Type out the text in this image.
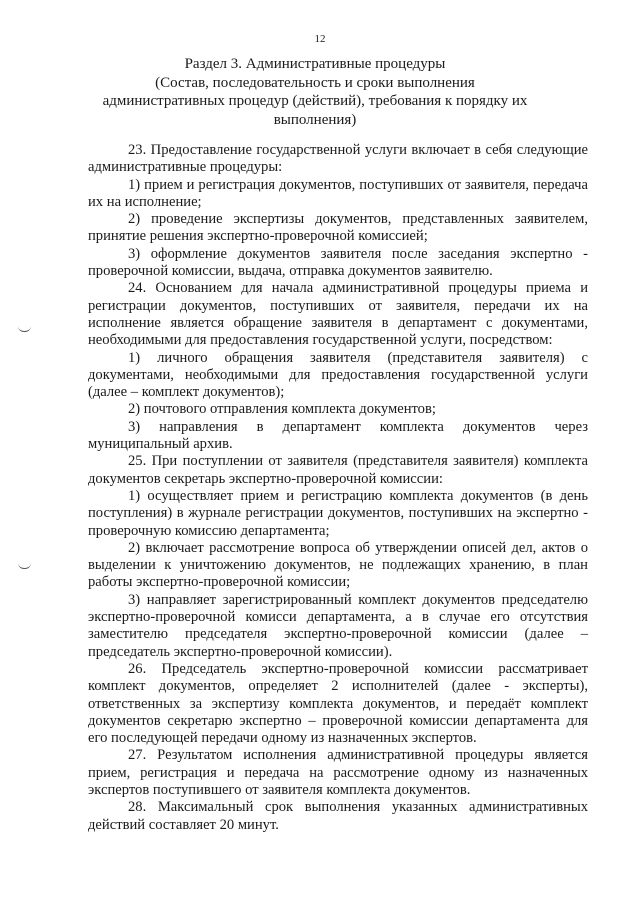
12
Раздел 3. Административные процедуры
(Состав, последовательность и сроки выполнения
административных процедур (действий), требования к порядку их
выполнения)

23. Предоставление государственной услуги включает в себя следующие административные процедуры:

1) прием и регистрация документов, поступивших от заявителя, передача их на исполнение;

2) проведение экспертизы документов, представленных заявителем, принятие решения экспертно-проверочной комиссией;

3) оформление документов заявителя после заседания экспертно - проверочной комиссии, выдача, отправка документов заявителю.

24. Основанием для начала административной процедуры приема и регистрации документов, поступивших от заявителя, передачи их на исполнение является обращение заявителя в департамент с документами, необходимыми для предоставления государственной услуги, посредством:

1) личного обращения заявителя (представителя заявителя) с документами, необходимыми для предоставления государственной услуги (далее – комплект документов);

2) почтового отправления комплекта документов;

3) направления в департамент комплекта документов через муниципальный архив.

25. При поступлении от заявителя (представителя заявителя) комплекта документов секретарь экспертно-проверочной комиссии:

1) осуществляет прием и регистрацию комплекта документов (в день поступления) в журнале регистрации документов, поступивших на экспертно - проверочную комиссию департамента;

2) включает рассмотрение вопроса об утверждении описей дел, актов о выделении к уничтожению документов, не подлежащих хранению, в план работы экспертно-проверочной комиссии;

3) направляет зарегистрированный комплект документов председателю экспертно-проверочной комисси департамента, а в случае его отсутствия заместителю председателя экспертно-проверочной комиссии (далее – председатель экспертно-проверочной комиссии).

26. Председатель экспертно-проверочной комиссии рассматривает комплект документов, определяет 2 исполнителей (далее - эксперты), ответственных за экспертизу комплекта документов, и передаёт комплект документов секретарю экспертно – проверочной комиссии департамента для его последующей передачи одному из назначенных экспертов.

27. Результатом исполнения административной процедуры является прием, регистрация и передача на рассмотрение одному из назначенных экспертов поступившего от заявителя комплекта документов.

28. Максимальный срок выполнения указанных административных действий составляет 20 минут.
